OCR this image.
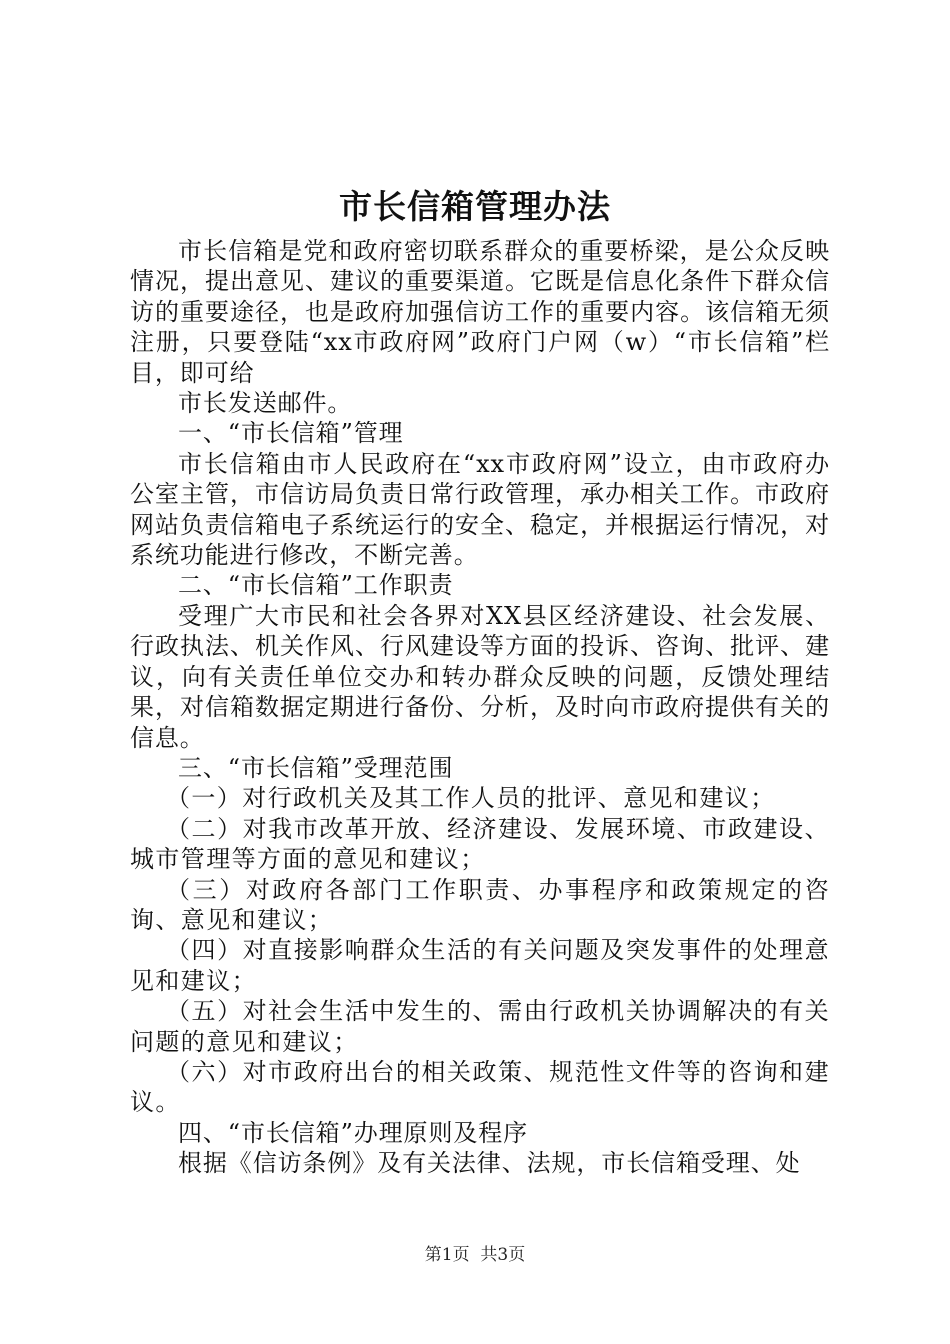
市长信箱管理办法

市长信箱是党和政府密切联系群众的重要桥梁，是公众反映情况，提出意见、建议的重要渠道。它既是信息化条件下群众信访的重要途径，也是政府加强信访工作的重要内容。该信箱无须注册，只要登陆“xx市政府网”政府门户网（w）“市长信箱”栏目，即可给

市长发送邮件。

一、“市长信箱”管理

市长信箱由市人民政府在“xx市政府网”设立，由市政府办公室主管，市信访局负责日常行政管理，承办相关工作。市政府网站负责信箱电子系统运行的安全、稳定，并根据运行情况，对系统功能进行修改，不断完善。

二、“市长信箱”工作职责

受理广大市民和社会各界对XX县区经济建设、社会发展、行政执法、机关作风、行风建设等方面的投诉、咨询、批评、建议，向有关责任单位交办和转办群众反映的问题，反馈处理结果，对信箱数据定期进行备份、分析，及时向市政府提供有关的信息。

三、“市长信箱”受理范围

（一）对行政机关及其工作人员的批评、意见和建议；

（二）对我市改革开放、经济建设、发展环境、市政建设、城市管理等方面的意见和建议；

（三）对政府各部门工作职责、办事程序和政策规定的咨询、意见和建议；

（四）对直接影响群众生活的有关问题及突发事件的处理意见和建议；

（五）对社会生活中发生的、需由行政机关协调解决的有关问题的意见和建议；

（六）对市政府出台的相关政策、规范性文件等的咨询和建议。

四、“市长信箱”办理原则及程序

根据《信访条例》及有关法律、法规，市长信箱受理、处

第1页 共3页
